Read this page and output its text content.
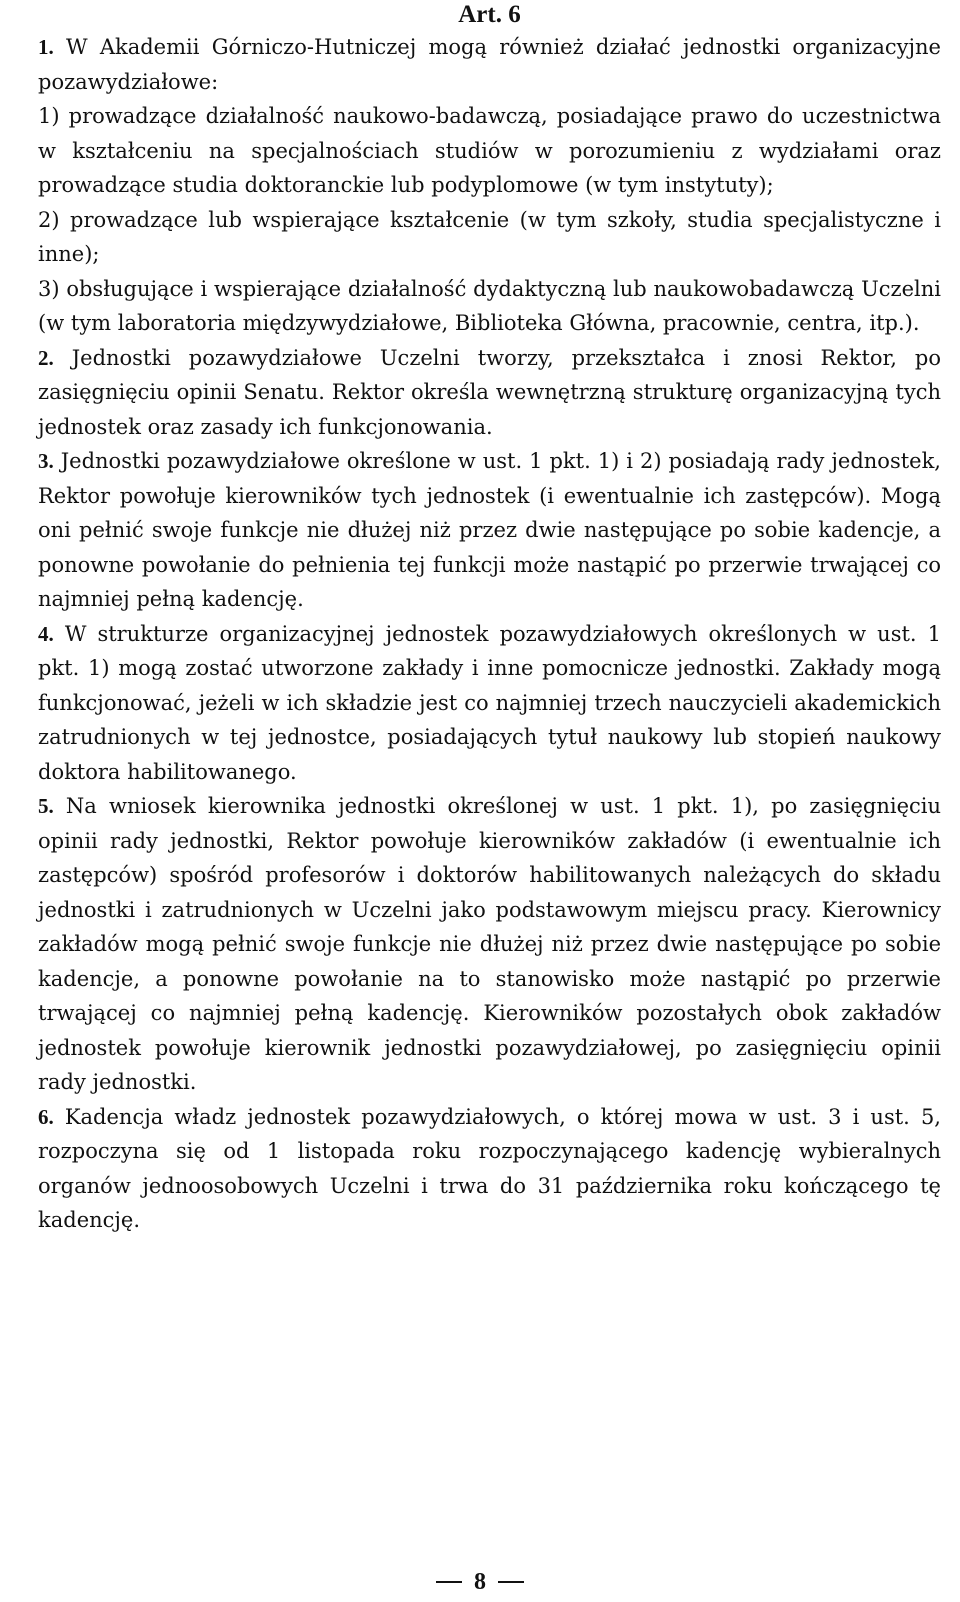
Art. 6

1. W Akademii Górniczo-Hutniczej mogą również działać jednostki organizacyjne pozawydziałowe:

1) prowadzące działalność naukowo-badawczą, posiadające prawo do uczestnictwa w kształceniu na specjalnościach studiów w porozumieniu z wydziałami oraz prowadzące studia doktoranckie lub podyplomowe (w tym instytuty);

2) prowadzące lub wspierające kształcenie (w tym szkoły, studia specjalistyczne i inne);

3) obsługujące i wspierające działalność dydaktyczną lub naukowobadawczą Uczelni (w tym laboratoria międzywydziałowe, Biblioteka Główna, pracownie, centra, itp.).

2. Jednostki pozawydziałowe Uczelni tworzy, przekształca i znosi Rektor, po zasięgnięciu opinii Senatu. Rektor określa wewnętrzną strukturę organizacyjną tych jednostek oraz zasady ich funkcjonowania.

3. Jednostki pozawydziałowe określone w ust. 1 pkt. 1) i 2) posiadają rady jednostek, Rektor powołuje kierowników tych jednostek (i ewentualnie ich zastępców). Mogą oni pełnić swoje funkcje nie dłużej niż przez dwie następujące po sobie kadencje, a ponowne powołanie do pełnienia tej funkcji może nastąpić po przerwie trwającej co najmniej pełną kadencję.

4. W strukturze organizacyjnej jednostek pozawydziałowych określonych w ust. 1 pkt. 1) mogą zostać utworzone zakłady i inne pomocnicze jednostki. Zakłady mogą funkcjonować, jeżeli w ich składzie jest co najmniej trzech nauczycieli akademickich zatrudnionych w tej jednostce, posiadających tytuł naukowy lub stopień naukowy doktora habilitowanego.

5. Na wniosek kierownika jednostki określonej w ust. 1 pkt. 1), po zasięgnięciu opinii rady jednostki, Rektor powołuje kierowników zakładów (i ewentualnie ich zastępców) spośród profesorów i doktorów habilitowanych należących do składu jednostki i zatrudnionych w Uczelni jako podstawowym miejscu pracy. Kierownicy zakładów mogą pełnić swoje funkcje nie dłużej niż przez dwie następujące po sobie kadencje, a ponowne powołanie na to stanowisko może nastąpić po przerwie trwającej co najmniej pełną kadencję. Kierowników pozostałych obok zakładów jednostek powołuje kierownik jednostki pozawydziałowej, po zasięgnięciu opinii rady jednostki.

6. Kadencja władz jednostek pozawydziałowych, o której mowa w ust. 3 i ust. 5, rozpoczyna się od 1 listopada roku rozpoczynającego kadencję wybieralnych organów jednoosobowych Uczelni i trwa do 31 października roku kończącego tę kadencję.

8
